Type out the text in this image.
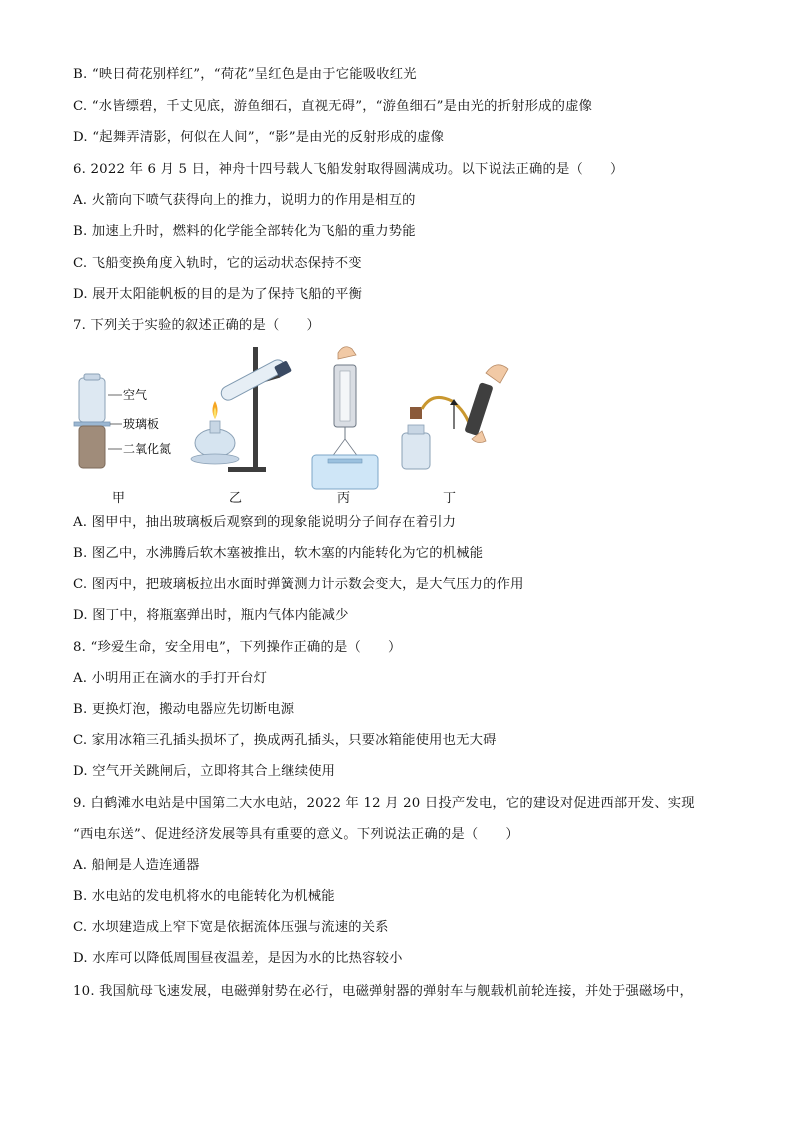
B. “映日荷花别样红”，“荷花”呈红色是由于它能吸收红光
C. “水皆缥碧，千丈见底，游鱼细石，直视无碍”，“游鱼细石”是由光的折射形成的虚像
D. “起舞弄清影，何似在人间”，“影”是由光的反射形成的虚像
6. 2022 年 6 月 5 日，神舟十四号载人飞船发射取得圆满成功。以下说法正确的是（　　）
A. 火箭向下喷气获得向上的推力，说明力的作用是相互的
B. 加速上升时，燃料的化学能全部转化为飞船的重力势能
C. 飞船变换角度入轨时，它的运动状态保持不变
D. 展开太阳能帆板的目的是为了保持飞船的平衡
7. 下列关于实验的叙述正确的是（　　）
空气
玻璃板
二氧化氮
甲	乙	丙	丁
A. 图甲中，抽出玻璃板后观察到的现象能说明分子间存在着引力
B. 图乙中，水沸腾后软木塞被推出，软木塞的内能转化为它的机械能
C. 图丙中，把玻璃板拉出水面时弹簧测力计示数会变大，是大气压力的作用
D. 图丁中，将瓶塞弹出时，瓶内气体内能减少
8. “珍爱生命，安全用电”，下列操作正确的是（　　）
A. 小明用正在滴水的手打开台灯
B. 更换灯泡，搬动电器应先切断电源
C. 家用冰箱三孔插头损坏了，换成两孔插头，只要冰箱能使用也无大碍
D. 空气开关跳闸后，立即将其合上继续使用
9. 白鹤滩水电站是中国第二大水电站，2022 年 12 月 20 日投产发电，它的建设对促进西部开发、实现
“西电东送”、促进经济发展等具有重要的意义。下列说法正确的是（　　）
A. 船闸是人造连通器
B. 水电站的发电机将水的电能转化为机械能
C. 水坝建造成上窄下宽是依据流体压强与流速的关系
D. 水库可以降低周围昼夜温差，是因为水的比热容较小
10. 我国航母飞速发展，电磁弹射势在必行，电磁弹射器的弹射车与舰载机前轮连接，并处于强磁场中，
